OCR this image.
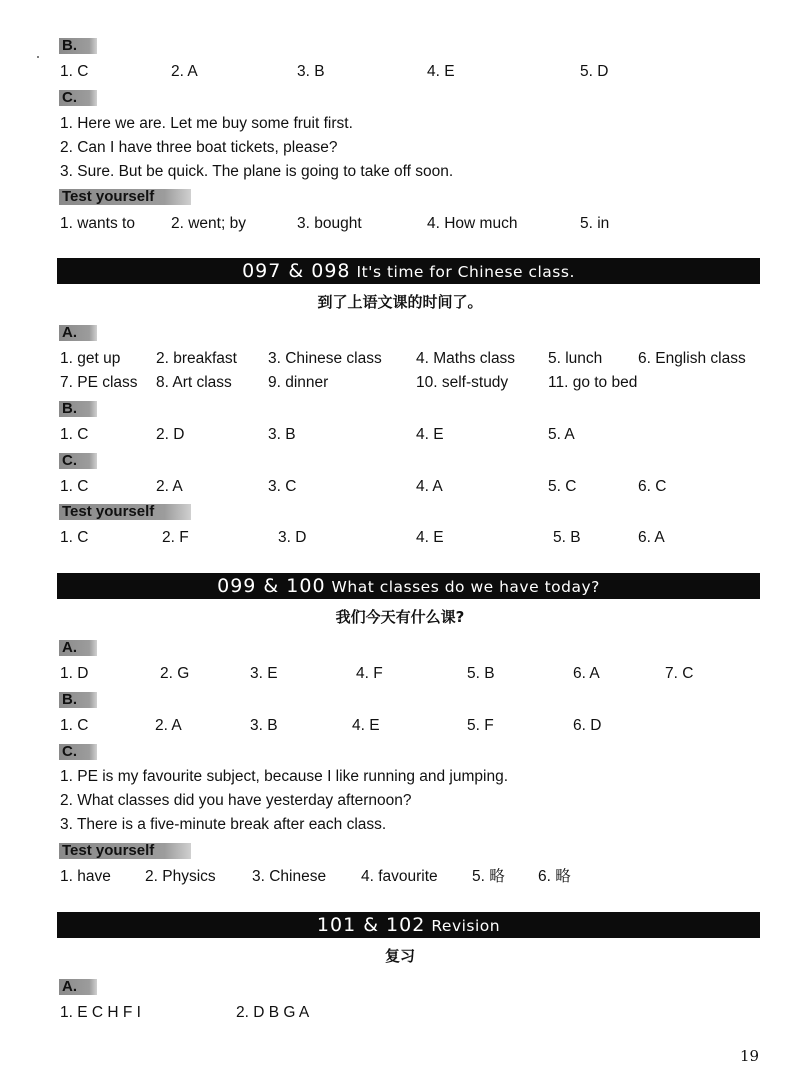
B.
1. C	2. A	3. B	4. E	5. D
C.
1. Here we are. Let me buy some fruit first.
2. Can I have three boat tickets, please?
3. Sure. But be quick. The plane is going to take off soon.
Test yourself
1. wants to 2. went; by	3. bought	4. How much	5. in
097 & 098 It's time for Chinese class.
到了上语文课的时间了。
A.
1. get up 2. breakfast 3. Chinese class 4. Maths class 5. lunch 6. English class
7. PE class 8. Art class 9. dinner	10. self-study	11. go to bed
B.
1. C	2. D	3. B	4. E	5. A
C.
1. C	2. A	3. C	4. A	5. C	6. C
Test yourself
1. C	2. F	3. D	4. E	5. B	6. A
099 & 100 What classes do we have today?
我们今天有什么课?
A.
1. D	2. G	3. E	4. F	5. B	6. A	7. C
B.
1. C	2. A	3. B	4. E	5. F	6. D
C.
1. PE is my favourite subject, because I like running and jumping.
2. What classes did you have yesterday afternoon?
3. There is a five-minute break after each class.
Test yourself
1. have 2. Physics 3. Chinese 4. favourite 5. 略 6. 略
101 & 102 Revision
复习
A.
1. E C H F I	2. D B G A
19
